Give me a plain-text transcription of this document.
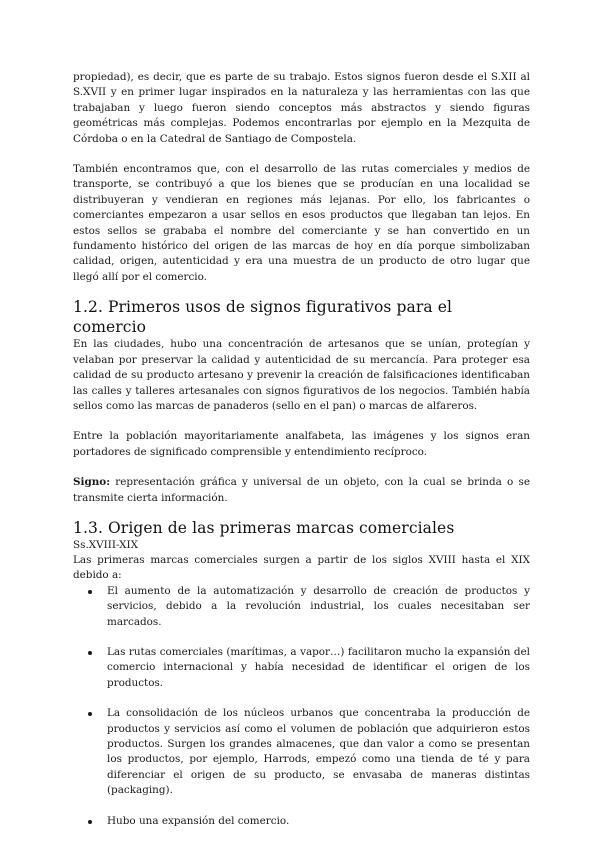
propiedad), es decir, que es parte de su trabajo. Estos signos fueron desde el S.XII al S.XVII y en primer lugar inspirados en la naturaleza y las herramientas con las que trabajaban y luego fueron siendo conceptos más abstractos y siendo figuras geométricas más complejas. Podemos encontrarlas por ejemplo en la Mezquita de Córdoba o en la Catedral de Santiago de Compostela.

También encontramos que, con el desarrollo de las rutas comerciales y medios de transporte, se contribuyó a que los bienes que se producían en una localidad se distribuyeran y vendieran en regiones más lejanas. Por ello, los fabricantes o comerciantes empezaron a usar sellos en esos productos que llegaban tan lejos. En estos sellos se grababa el nombre del comerciante y se han convertido en un fundamento histórico del origen de las marcas de hoy en día porque simbolizaban calidad, origen, autenticidad y era una muestra de un producto de otro lugar que llegó allí por el comercio.

1.2. Primeros usos de signos figurativos para el comercio

En las ciudades, hubo una concentración de artesanos que se unían, protegían y velaban por preservar la calidad y autenticidad de su mercancía. Para proteger esa calidad de su producto artesano y prevenir la creación de falsificaciones identificaban las calles y talleres artesanales con signos figurativos de los negocios. También había sellos como las marcas de panaderos (sello en el pan) o marcas de alfareros.

Entre la población mayoritariamente analfabeta, las imágenes y los signos eran portadores de significado comprensible y entendimiento recíproco.

Signo: representación gráfica y universal de un objeto, con la cual se brinda o se transmite cierta información.

1.3. Origen de las primeras marcas comerciales

Ss.XVIII-XIX

Las primeras marcas comerciales surgen a partir de los siglos XVIII hasta el XIX debido a:

El aumento de la automatización y desarrollo de creación de productos y servicios, debido a la revolución industrial, los cuales necesitaban ser marcados.
Las rutas comerciales (marítimas, a vapor…) facilitaron mucho la expansión del comercio internacional y había necesidad de identificar el origen de los productos.
La consolidación de los núcleos urbanos que concentraba la producción de productos y servicios así como el volumen de población que adquirieron estos productos. Surgen los grandes almacenes, que dan valor a como se presentan los productos, por ejemplo, Harrods, empezó como una tienda de té y para diferenciar el origen de su producto, se envasaba de maneras distintas (packaging).
Hubo una expansión del comercio.
